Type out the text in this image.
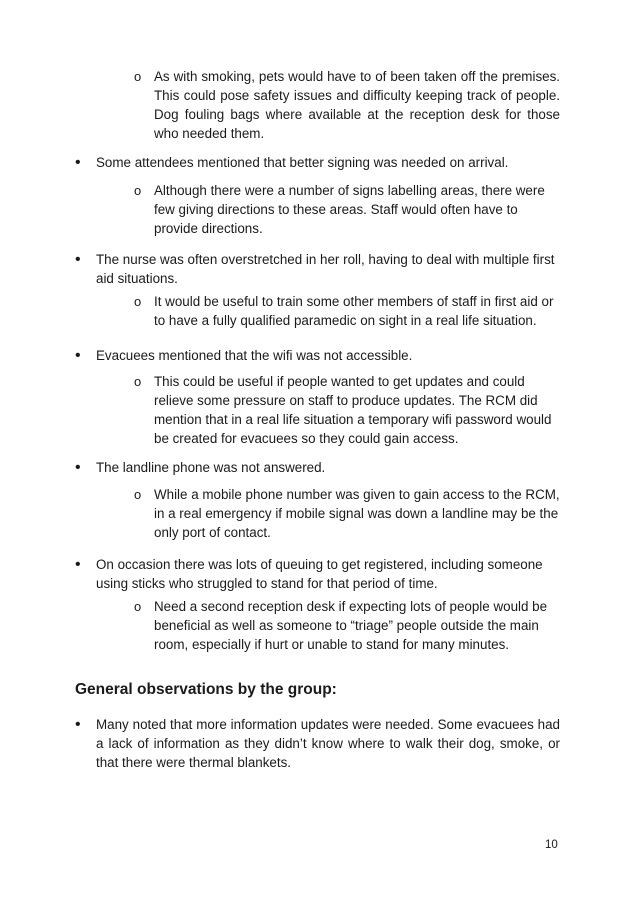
o As with smoking, pets would have to of been taken off the premises. This could pose safety issues and difficulty keeping track of people. Dog fouling bags where available at the reception desk for those who needed them.

• Some attendees mentioned that better signing was needed on arrival.

o Although there were a number of signs labelling areas, there were few giving directions to these areas. Staff would often have to provide directions.

• The nurse was often overstretched in her roll, having to deal with multiple first aid situations.

o It would be useful to train some other members of staff in first aid or to have a fully qualified paramedic on sight in a real life situation.

• Evacuees mentioned that the wifi was not accessible.

o This could be useful if people wanted to get updates and could relieve some pressure on staff to produce updates. The RCM did mention that in a real life situation a temporary wifi password would be created for evacuees so they could gain access.

• The landline phone was not answered.

o While a mobile phone number was given to gain access to the RCM, in a real emergency if mobile signal was down a landline may be the only port of contact.

• On occasion there was lots of queuing to get registered, including someone using sticks who struggled to stand for that period of time.

o Need a second reception desk if expecting lots of people would be beneficial as well as someone to “triage” people outside the main room, especially if hurt or unable to stand for many minutes.

General observations by the group:
• Many noted that more information updates were needed. Some evacuees had a lack of information as they didn’t know where to walk their dog, smoke, or that there were thermal blankets.

10
